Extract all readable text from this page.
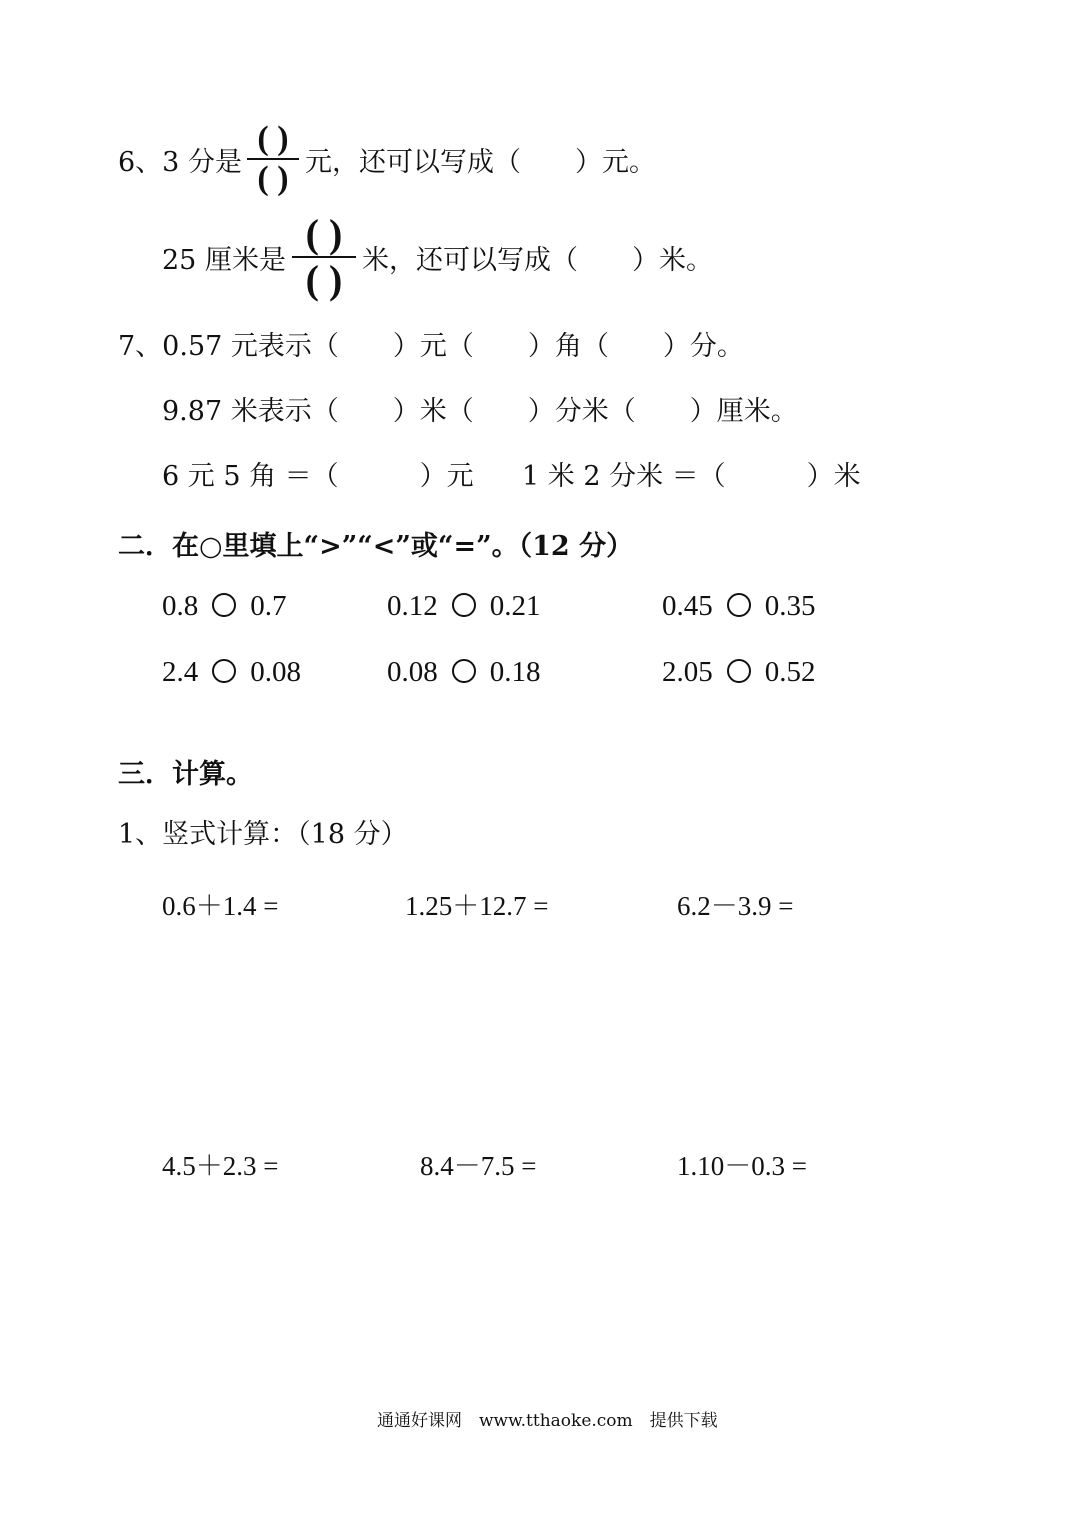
6、3 分是
( )
( ) 元，还可以写成（　　）元。
25 厘米是
( )
( ) 米，还可以写成（　　）米。
7、0.57 元表示（　　）元（　　）角（　　）分。
9.87 米表示（　　）米（　　）分米（　　）厘米。
6 元 5 角 ＝（　　　）元 1 米 2 分米 ＝（　　　）米
二．在○里填上“>”“<”或“=”。（12 分）
0.8 0.7	0.12 0.21	0.45 0.35
2.4 0.08	0.08 0.18	2.05 0.52
三．计算。
1、竖式计算：（18 分）
0.6＋1.4 =	1.25＋12.7 =	6.2－3.9 =
4.5＋2.3 =	8.4－7.5 =	1.10－0.3 =
通通好课网　www.tthaoke.com　提供下载
